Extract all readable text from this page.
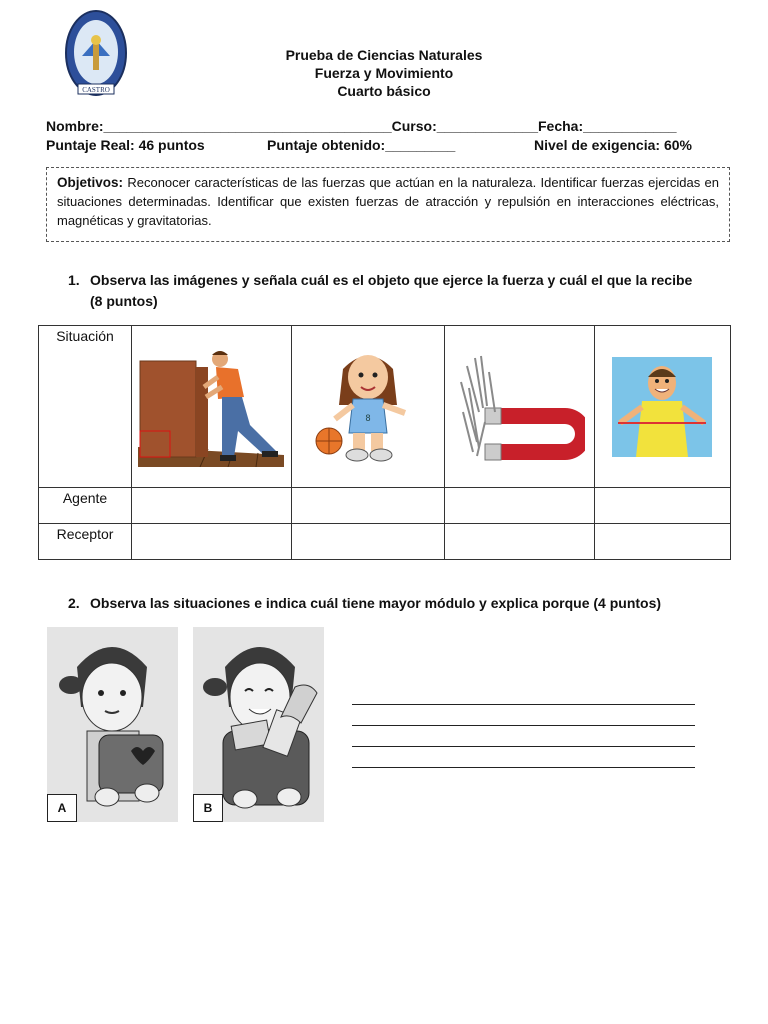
CASTRO
Prueba de Ciencias Naturales
Fuerza y Movimiento
Cuarto básico
Nombre:_____________________________________Curso:_____________Fecha:____________
Puntaje Real: 46 puntos	Puntaje obtenido:_________	Nivel de exigencia: 60%
Objetivos: Reconocer características de las fuerzas que actúan en la naturaleza. Identificar fuerzas ejercidas en situaciones determinadas. Identificar que existen fuerzas de atracción y repulsión en interacciones eléctricas, magnéticas y gravitatorias.
1. Observa las imágenes y señala cuál es el objeto que ejerce la fuerza y cuál el que la recibe (8 puntos)
Situación		8

Agente				
Receptor				
2. Observa las situaciones e indica cuál tiene mayor módulo y explica porque (4 puntos)
A	B
